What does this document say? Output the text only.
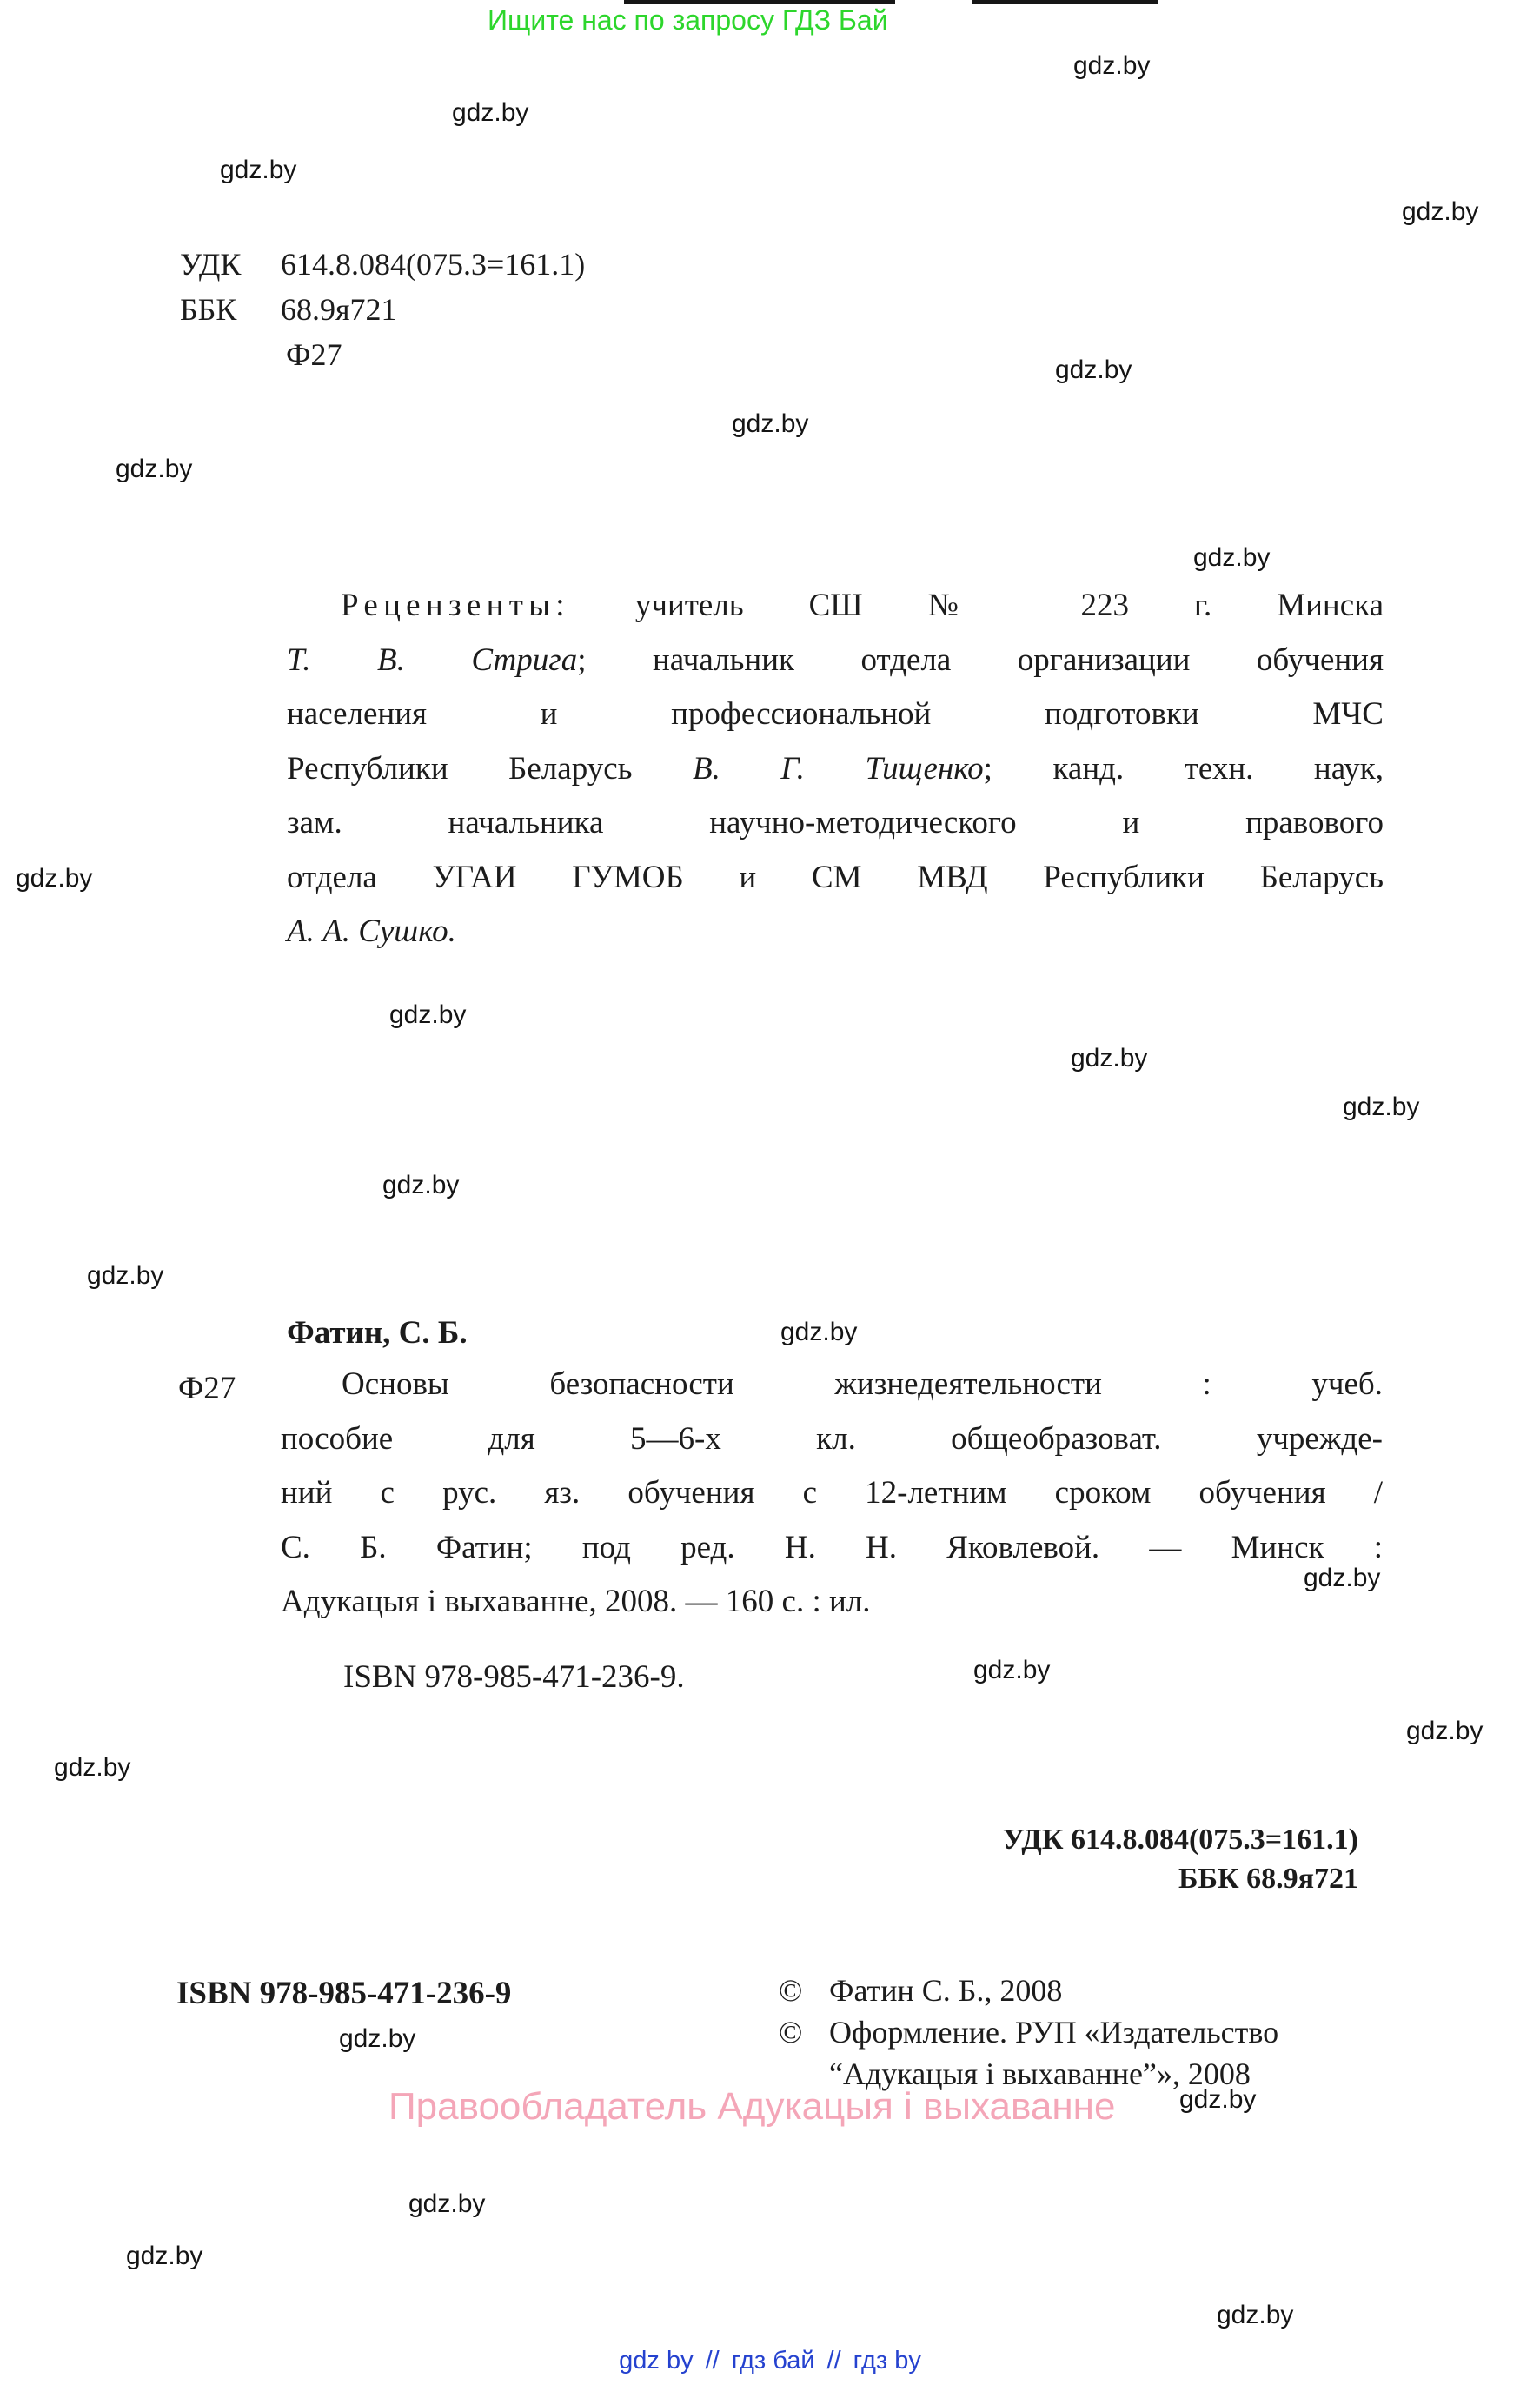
Ищите нас по запросу ГДЗ Бай
gdz.by
gdz.by
gdz.by
gdz.by
gdz.by
gdz.by
gdz.by
gdz.by
gdz.by
gdz.by
gdz.by
gdz.by
gdz.by
gdz.by
gdz.by
gdz.by
gdz.by
gdz.by
gdz.by
gdz.by
gdz.by
gdz.by
gdz.by
gdz.by
УДК	614.8.084(075.3=161.1)
ББК	68.9я721
Ф27
Рецензенты: учитель СШ № 223 г. Минска
Т. В. Стрига; начальник отдела организации обучения
населения и профессиональной подготовки МЧС
Республики Беларусь В. Г. Тищенко; канд. техн. наук,
зам. начальника научно-методического и правового
отдела УГАИ ГУМОБ и СМ МВД Республики Беларусь
А. А. Сушко.
Фатин, С. Б.
Ф27	Основы безопасности жизнедеятельности : учеб.
пособие для 5—6-х кл. общеобразоват. учрежде-
ний с рус. яз. обучения с 12-летним сроком обучения /
С. Б. Фатин; под ред. Н. Н. Яковлевой. — Минск :
Адукацыя і выхаванне, 2008. — 160 с. : ил.
ISBN 978-985-471-236-9.
УДК 614.8.084(075.3=161.1)
ББК 68.9я721
ISBN 978-985-471-236-9	© Фатин С. Б., 2008
© Оформление. РУП «Издательство
“Адукацыя і выхаванне”», 2008
Правообладатель Адукацыя і выхаванне
gdz by // гдз бай // гдз by
